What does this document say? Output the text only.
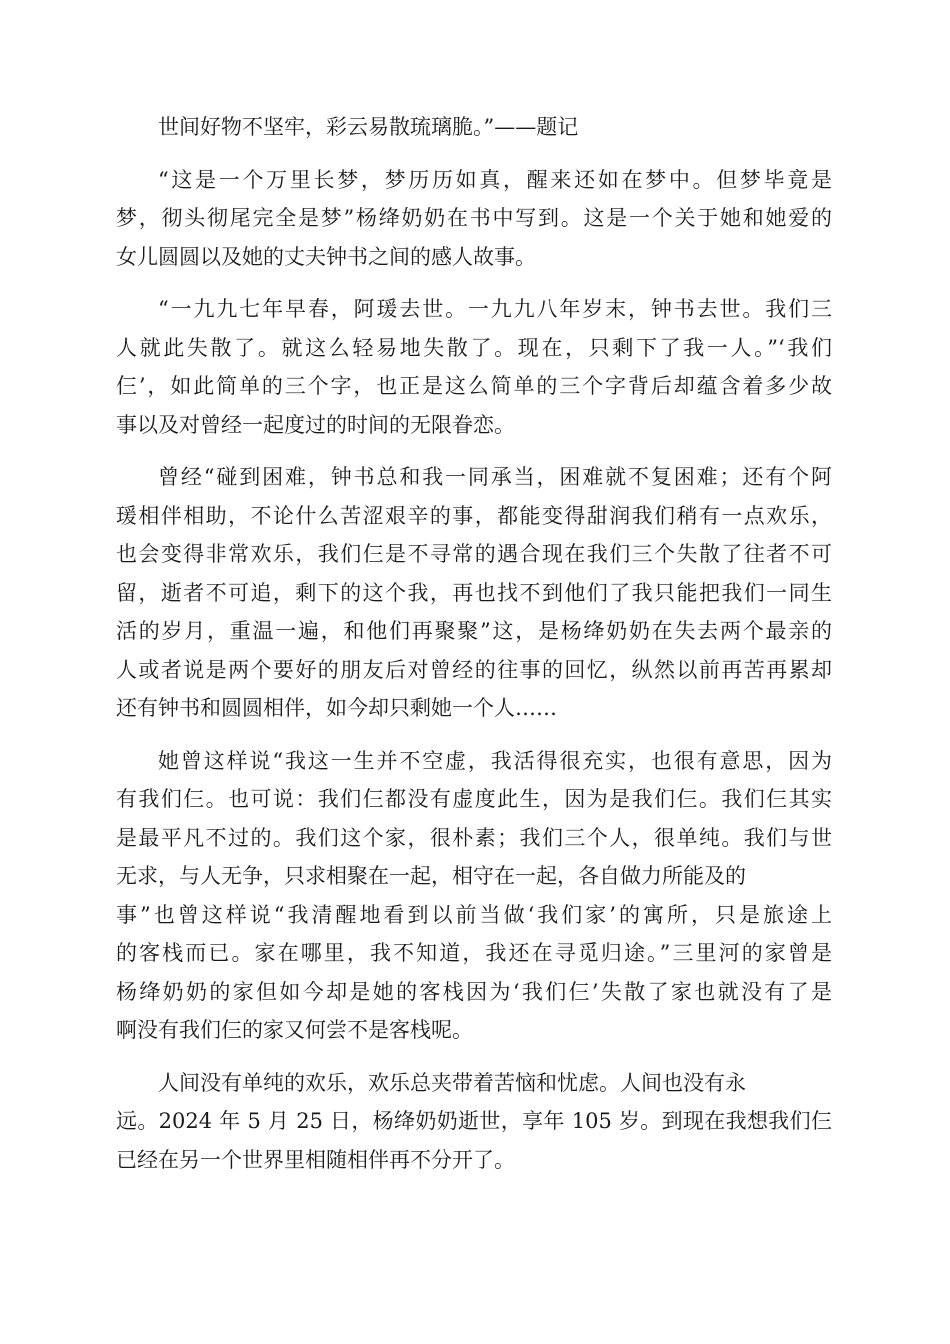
世间好物不坚牢，彩云易散琉璃脆。”——题记

“这是一个万里长梦，梦历历如真，醒来还如在梦中。但梦毕竟是
梦，彻头彻尾完全是梦”杨绛奶奶在书中写到。这是一个关于她和她爱的
女儿圆圆以及她的丈夫钟书之间的感人故事。

“一九九七年早春，阿瑗去世。一九九八年岁末，钟书去世。我们三
人就此失散了。就这么轻易地失散了。现在，只剩下了我一人。”‘我们
仨’，如此简单的三个字，也正是这么简单的三个字背后却蕴含着多少故
事以及对曾经一起度过的时间的无限眷恋。

曾经“碰到困难，钟书总和我一同承当，困难就不复困难；还有个阿
瑗相伴相助，不论什么苦涩艰辛的事，都能变得甜润我们稍有一点欢乐，
也会变得非常欢乐，我们仨是不寻常的遇合现在我们三个失散了往者不可
留，逝者不可追，剩下的这个我，再也找不到他们了我只能把我们一同生
活的岁月，重温一遍，和他们再聚聚”这，是杨绛奶奶在失去两个最亲的
人或者说是两个要好的朋友后对曾经的往事的回忆，纵然以前再苦再累却
还有钟书和圆圆相伴，如今却只剩她一个人……

她曾这样说“我这一生并不空虚，我活得很充实，也很有意思，因为
有我们仨。也可说：我们仨都没有虚度此生，因为是我们仨。我们仨其实
是最平凡不过的。我们这个家，很朴素；我们三个人，很单纯。我们与世
无求，与人无争，只求相聚在一起，相守在一起，各自做力所能及的
事”也曾这样说“我清醒地看到以前当做‘我们家’的寓所，只是旅途上
的客栈而已。家在哪里，我不知道，我还在寻觅归途。”三里河的家曾是
杨绛奶奶的家但如今却是她的客栈因为‘我们仨’失散了家也就没有了是
啊没有我们仨的家又何尝不是客栈呢。

人间没有单纯的欢乐，欢乐总夹带着苦恼和忧虑。人间也没有永
远。2024 年 5 月 25 日，杨绛奶奶逝世，享年 105 岁。到现在我想我们仨
已经在另一个世界里相随相伴再不分开了。
